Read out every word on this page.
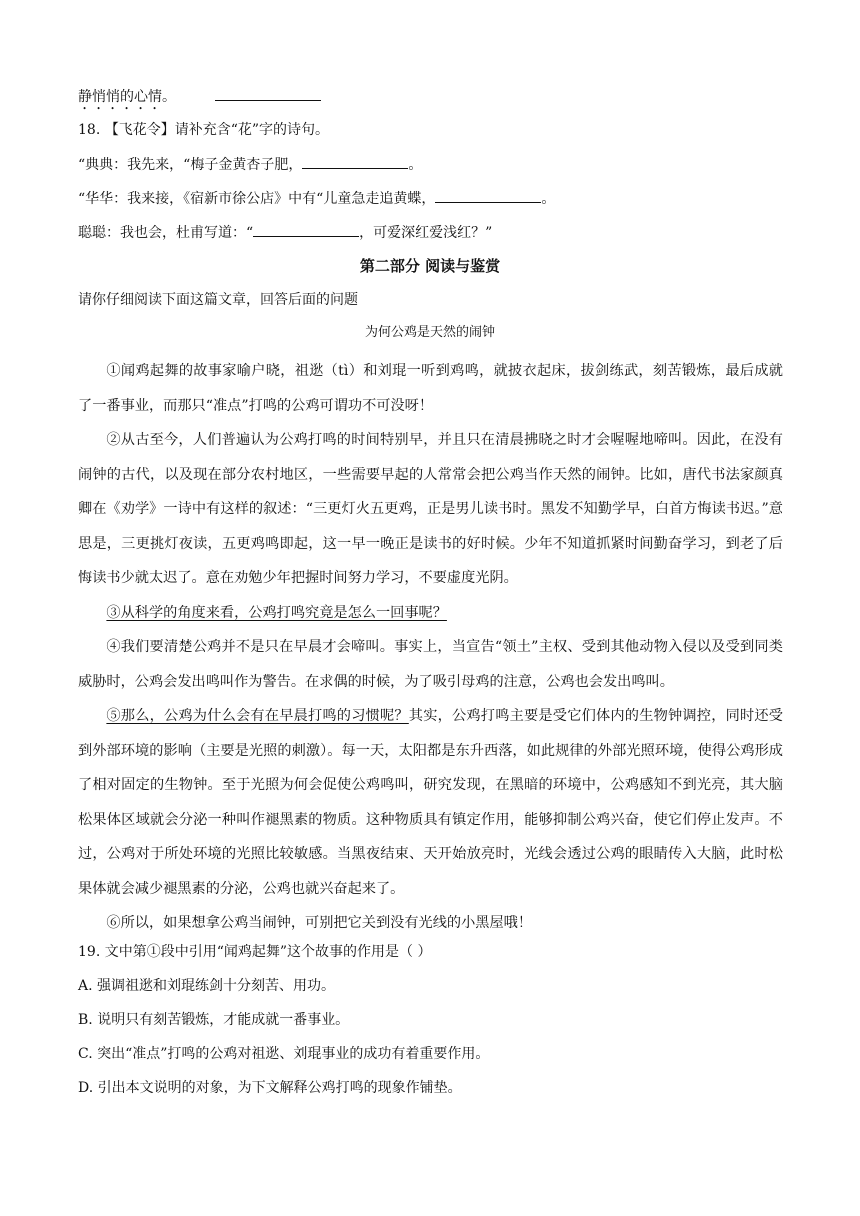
静悄悄的心情。
18. 【飞花令】请补充含“花”字的诗句。
“典典：我先来，“梅子金黄杏子肥，	。
“华华：我来接，《宿新市徐公店》中有“儿童急走追黄蝶，	。
聪聪：我也会，杜甫写道：“	，可爱深红爱浅红？”
第二部分 阅读与鉴赏
请你仔细阅读下面这篇文章，回答后面的问题
为何公鸡是天然的闹钟

①闻鸡起舞的故事家喻户晓，祖逖（tì）和刘琨一听到鸡鸣，就披衣起床，拔剑练武，刻苦锻炼，最后成就了一番事业，而那只“准点”打鸣的公鸡可谓功不可没呀！

②从古至今，人们普遍认为公鸡打鸣的时间特别早，并且只在清晨拂晓之时才会喔喔地啼叫。因此，在没有闹钟的古代，以及现在部分农村地区，一些需要早起的人常常会把公鸡当作天然的闹钟。比如，唐代书法家颜真卿在《劝学》一诗中有这样的叙述：“三更灯火五更鸡，正是男儿读书时。黑发不知勤学早，白首方悔读书迟。”意思是，三更挑灯夜读，五更鸡鸣即起，这一早一晚正是读书的好时候。少年不知道抓紧时间勤奋学习，到老了后悔读书少就太迟了。意在劝勉少年把握时间努力学习，不要虚度光阴。

③从科学的角度来看，公鸡打鸣究竟是怎么一回事呢？

④我们要清楚公鸡并不是只在早晨才会啼叫。事实上，当宣告“领土”主权、受到其他动物入侵以及受到同类威胁时，公鸡会发出鸣叫作为警告。在求偶的时候，为了吸引母鸡的注意，公鸡也会发出鸣叫。

⑤那么，公鸡为什么会有在早晨打鸣的习惯呢？其实，公鸡打鸣主要是受它们体内的生物钟调控，同时还受到外部环境的影响（主要是光照的刺激）。每一天，太阳都是东升西落，如此规律的外部光照环境，使得公鸡形成了相对固定的生物钟。至于光照为何会促使公鸡鸣叫，研究发现，在黑暗的环境中，公鸡感知不到光亮，其大脑松果体区域就会分泌一种叫作褪黑素的物质。这种物质具有镇定作用，能够抑制公鸡兴奋，使它们停止发声。不过，公鸡对于所处环境的光照比较敏感。当黑夜结束、天开始放亮时，光线会透过公鸡的眼睛传入大脑，此时松果体就会减少褪黑素的分泌，公鸡也就兴奋起来了。

⑥所以，如果想拿公鸡当闹钟，可别把它关到没有光线的小黑屋哦！

19. 文中第①段中引用“闻鸡起舞”这个故事的作用是（ ）
A. 强调祖逖和刘琨练剑十分刻苦、用功。
B. 说明只有刻苦锻炼，才能成就一番事业。
C. 突出“准点”打鸣的公鸡对祖逖、刘琨事业的成功有着重要作用。
D. 引出本文说明的对象，为下文解释公鸡打鸣的现象作铺垫。
